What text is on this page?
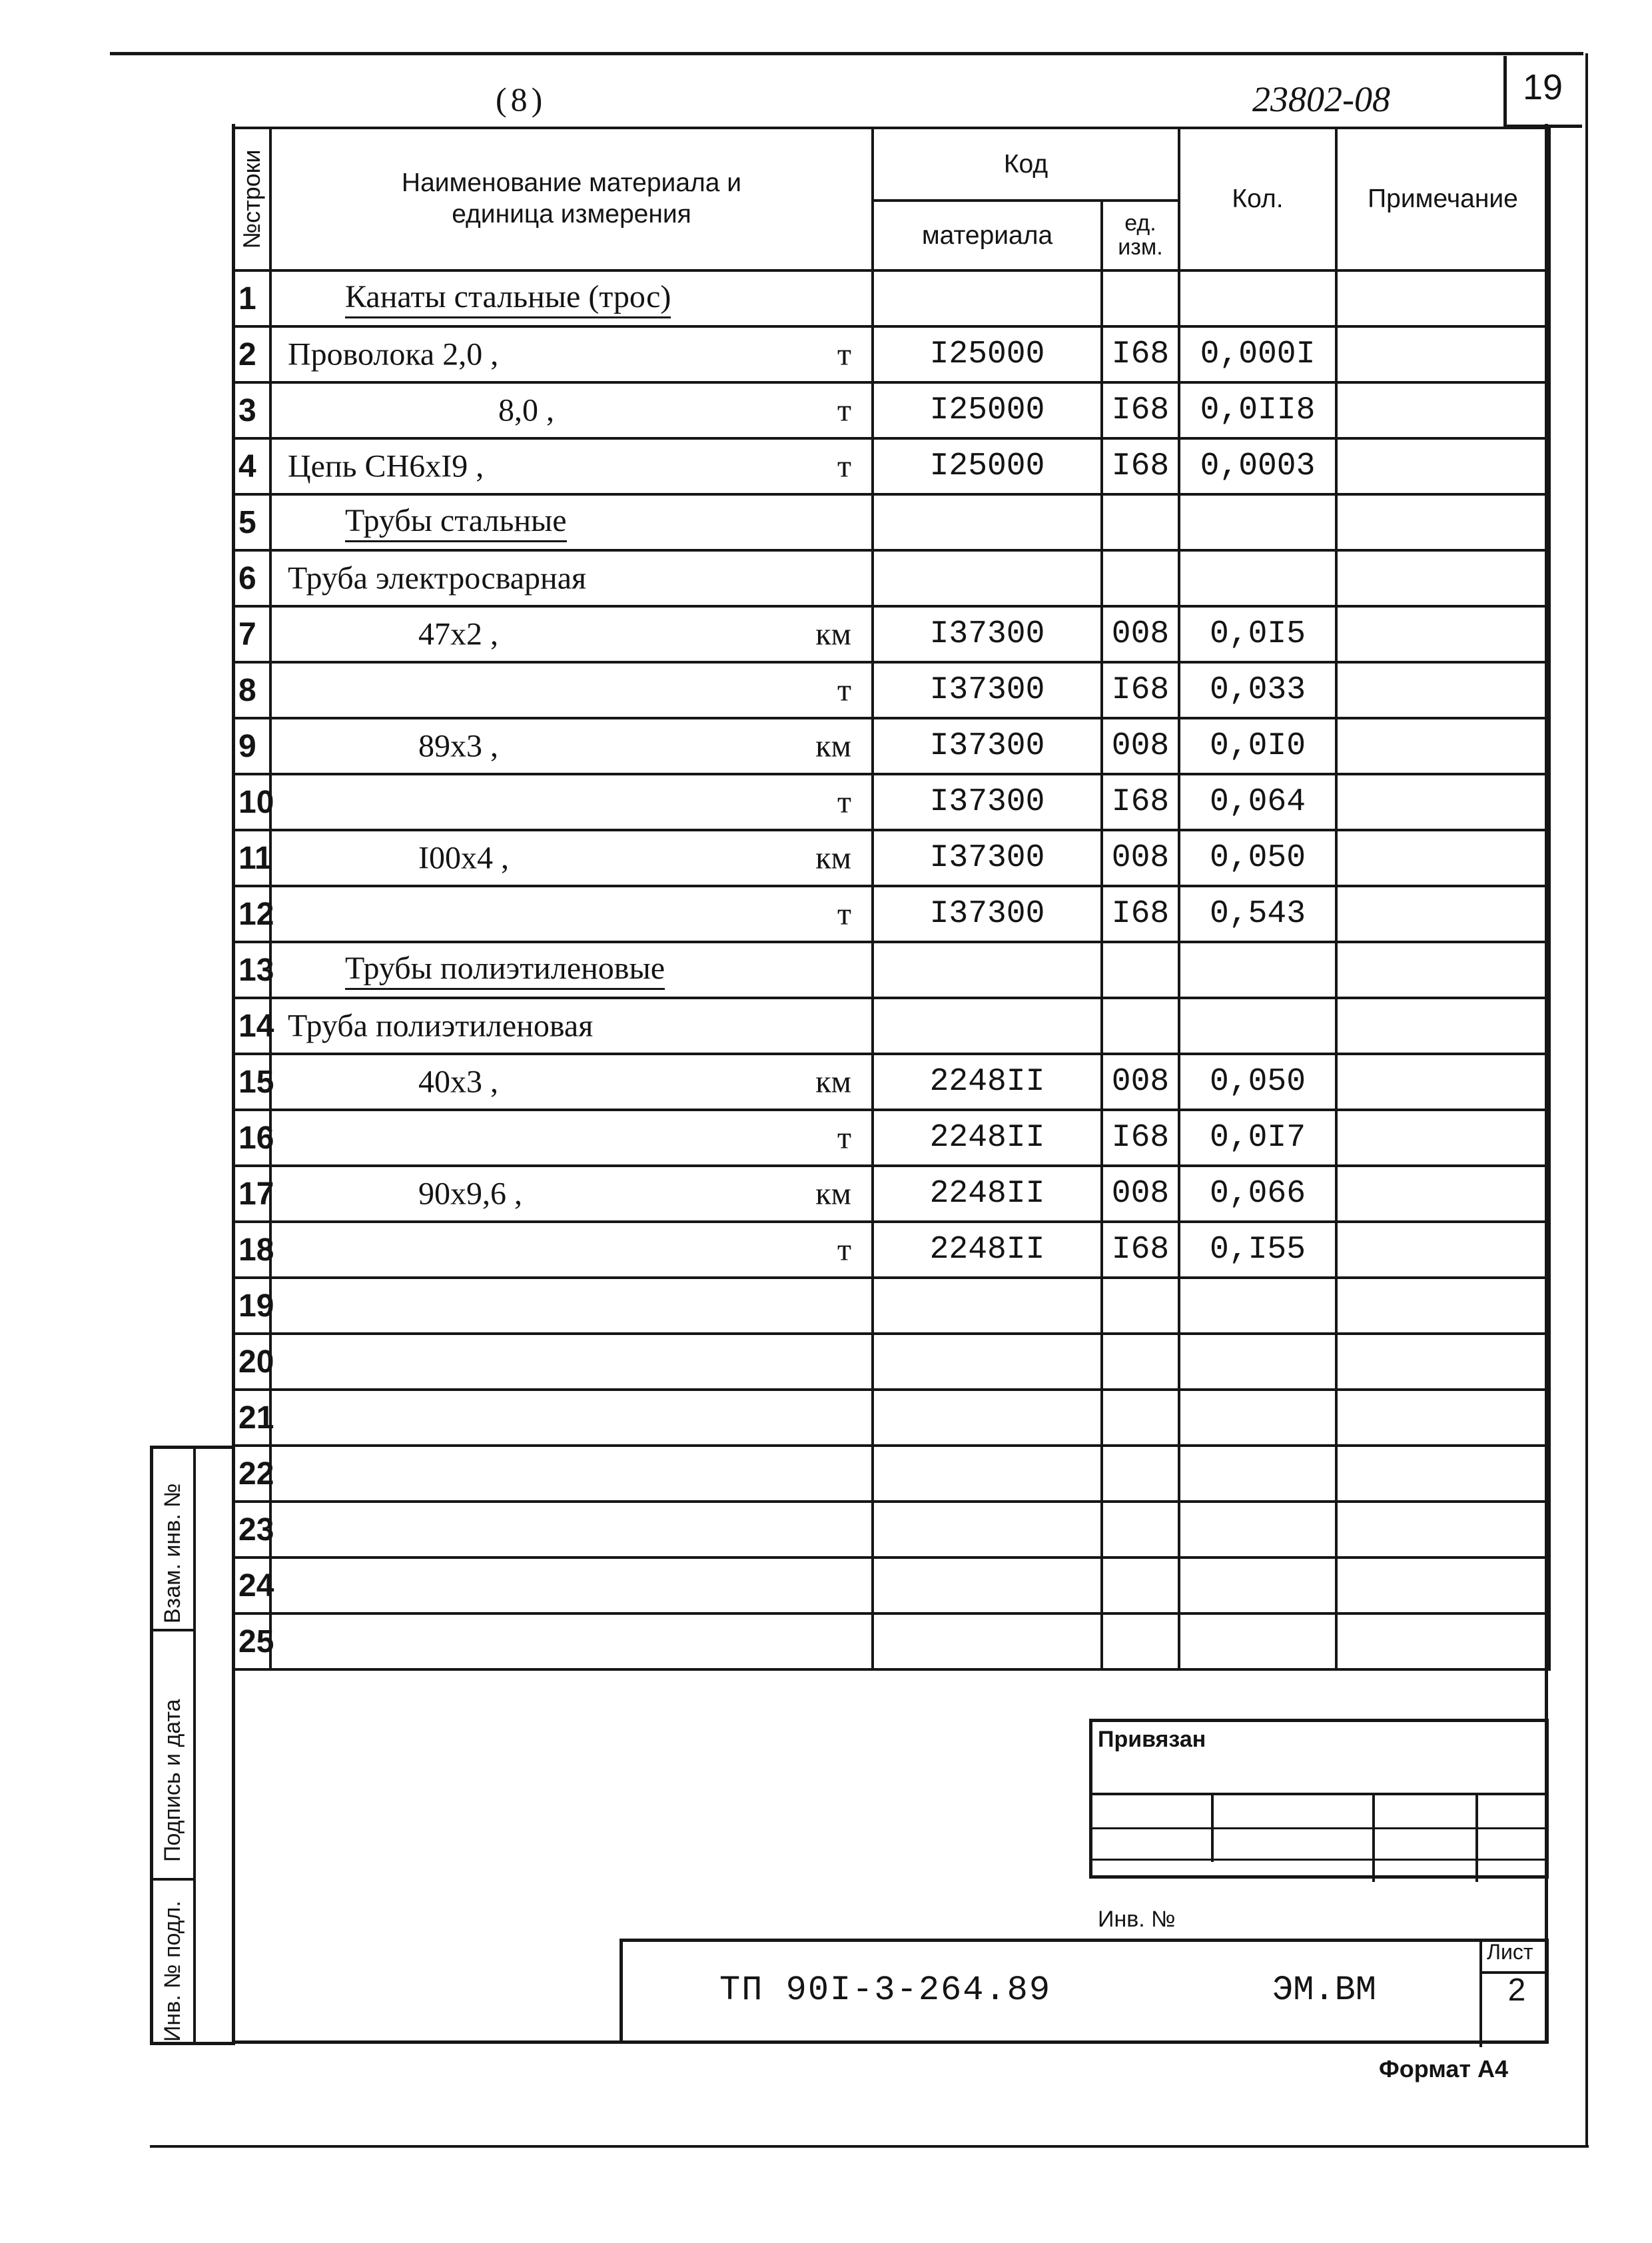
(8)	23802-08	19
№строки	Наименование материала и единица измерения	Код		Кол.	Примечание
		материала	ед. изм.		

1	Канаты стальные (трос)				

2	Проволока 2,0 , т	I25000	I68	0,000I	
3	8,0 , т	I25000	I68	0,0II8	
4	Цепь СН6хI9 , т	I25000	I68	0,0003	
5	Трубы стальные				

6	Труба электросварная				

7	47х2 , км	I37300	008	0,0I5	
8	т	I37300	I68	0,033	
9	89х3 , км	I37300	008	0,0I0	
10	т	I37300	I68	0,064	
11	I00х4 , км	I37300	008	0,050	
12	т	I37300	I68	0,543	
13	Трубы полиэтиленовые				

14	Труба полиэтиленовая				

15	40х3 , км	2248II	008	0,050	
16	т	2248II	I68	0,0I7	
17	90х9,6 , км	2248II	008	0,066	
18	т	2248II	I68	0,I55	
19	

20	

21	

22	

23	

24	

25	

Взам. инв. №
Подпись и дата
Инв. № подл.
Привязан
Инв. №
ТП 90I-3-264.89	ЭМ.ВМ
Лист
2
Формат А4
